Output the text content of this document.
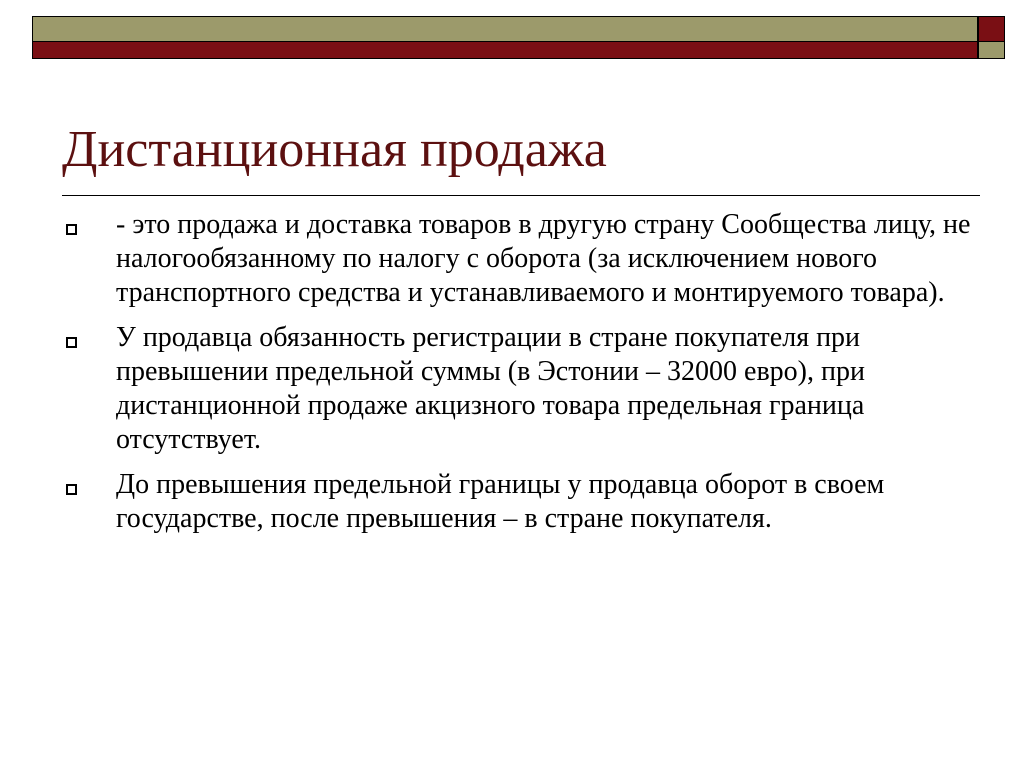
Дистанционная продажа
- это продажа и доставка товаров в другую страну Сообщества лицу, не налогообязанному по налогу с оборота (за исключением нового транспортного средства и устанавливаемого и монтируемого товара).
У продавца обязанность регистрации в стране покупателя при превышении предельной суммы (в Эстонии – 32000 евро), при дистанционной продаже акцизного товара предельная граница отсутствует.
До превышения предельной границы у продавца оборот в своем государстве, после превышения – в стране покупателя.
